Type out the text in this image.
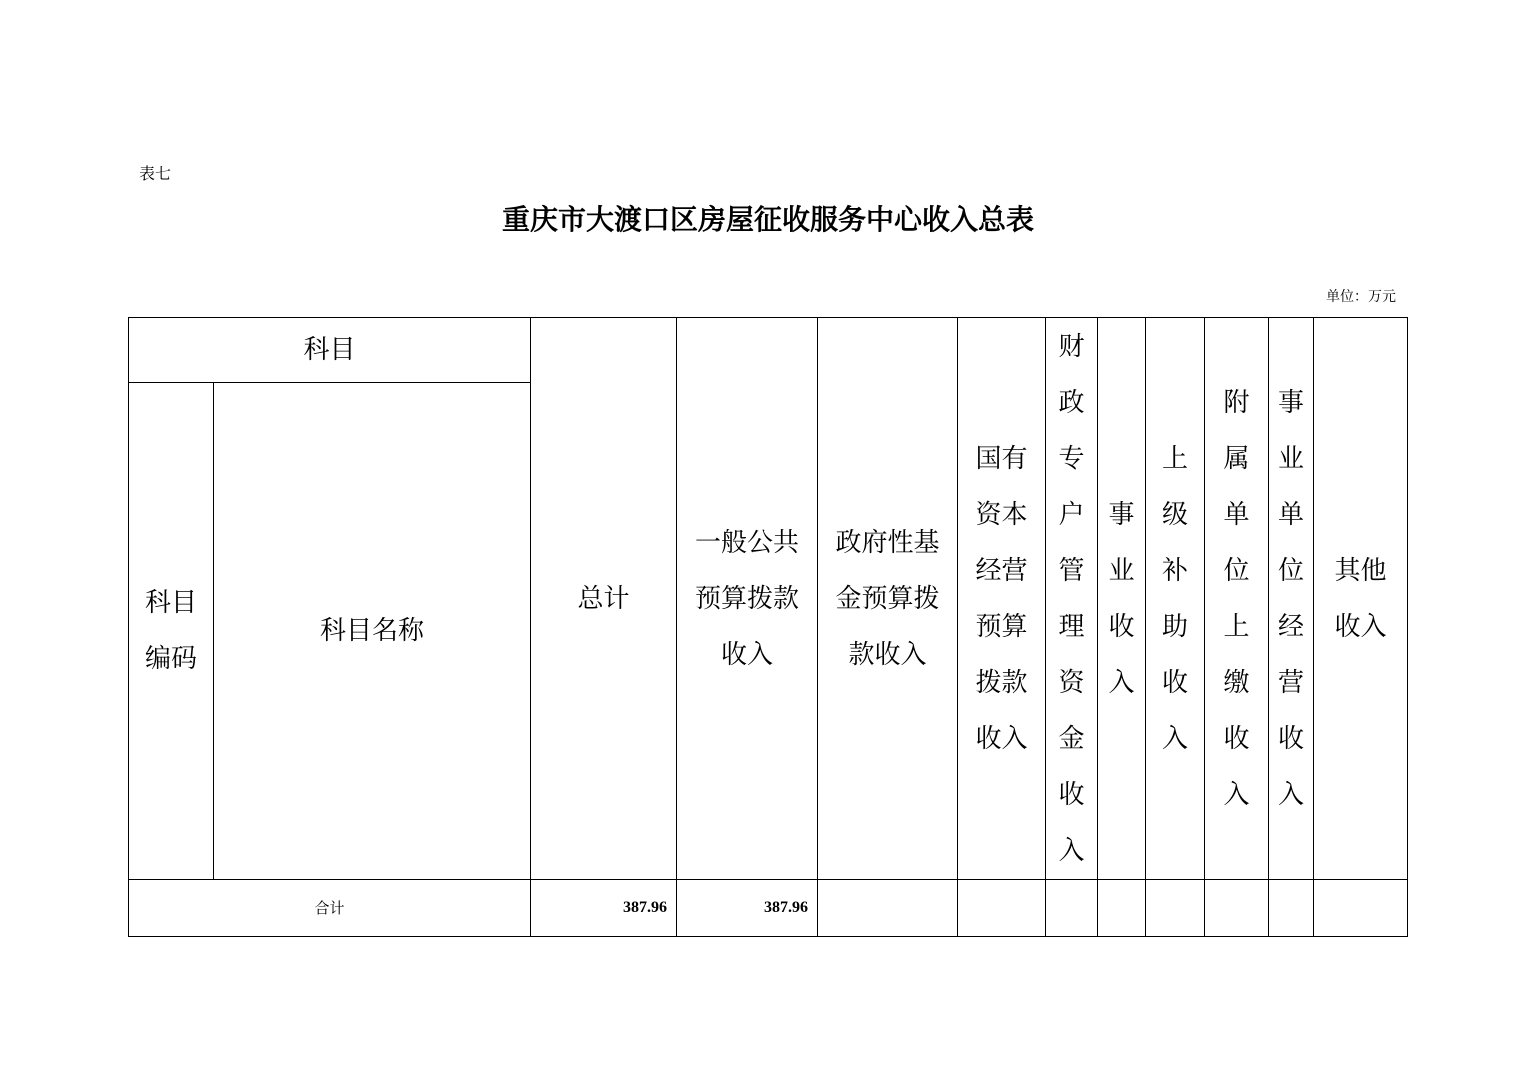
表七
重庆市大渡口区房屋征收服务中心收入总表
单位：万元
科目		总计	一般公共预算拨款收入	政府性基金预算拨款收入	国有资本经营预算拨款收入	财政专户管理资金收入	事业收入	上级补助收入	附属单位上缴收入	事业单位经营收入	其他收入
科目编码	科目名称										
合计		387.96	387.96								
